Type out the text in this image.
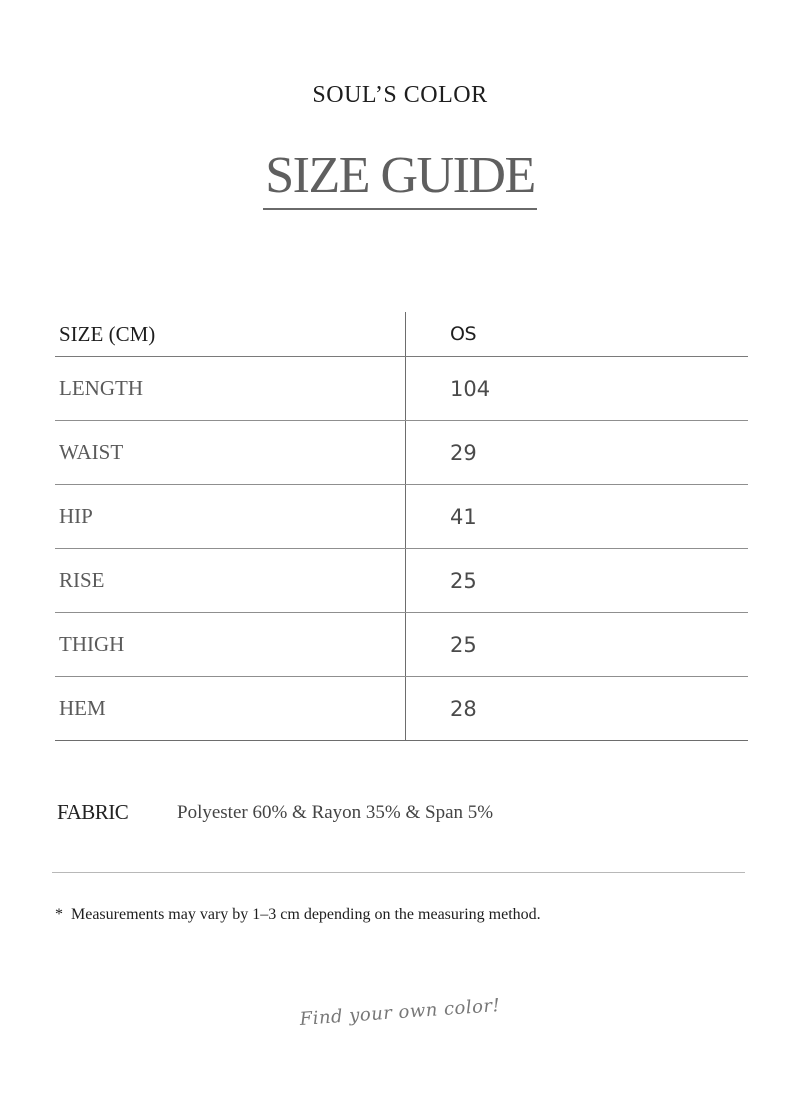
SOUL’S COLOR
SIZE GUIDE
SIZE (CM)	OS
LENGTH	104
WAIST	29
HIP	41
RISE	25
THIGH	25
HEM	28
FABRIC	Polyester 60% & Rayon 35% & Span 5%
* Measurements may vary by 1–3 cm depending on the measuring method.
Find your own color!
